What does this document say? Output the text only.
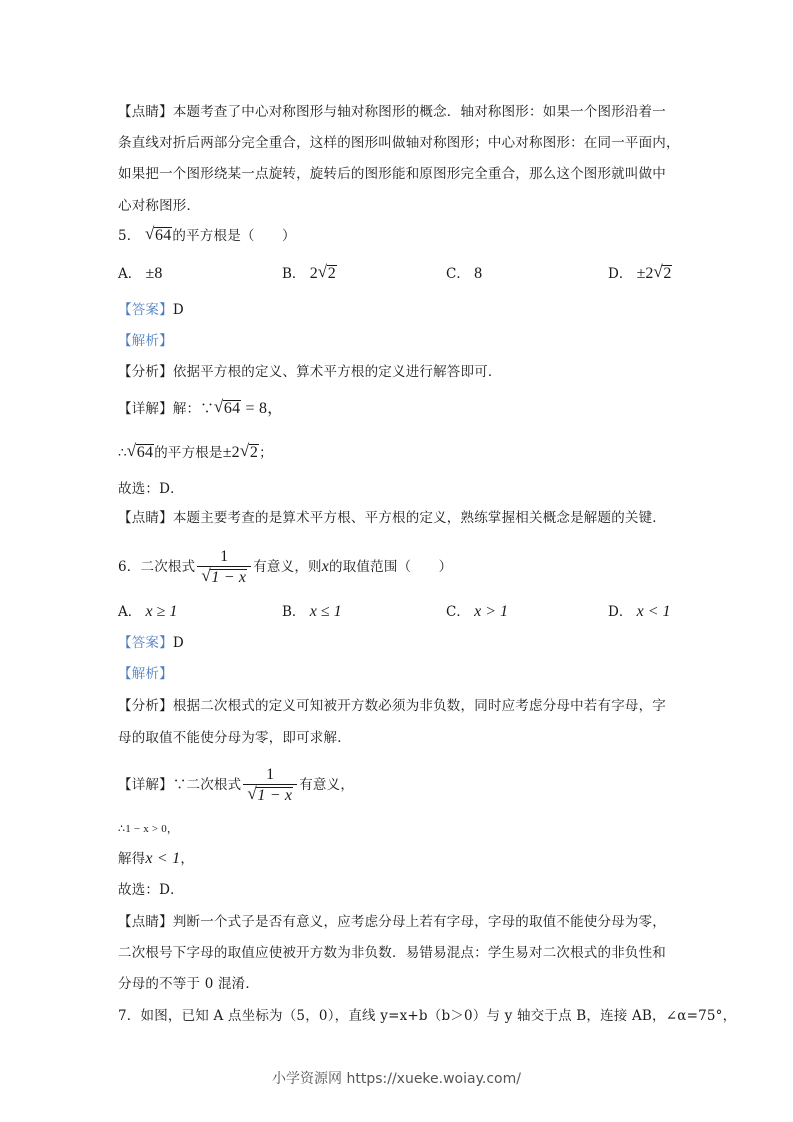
【点睛】本题考查了中心对称图形与轴对称图形的概念．轴对称图形：如果一个图形沿着一
条直线对折后两部分完全重合，这样的图形叫做轴对称图形；中心对称图形：在同一平面内，
如果把一个图形绕某一点旋转，旋转后的图形能和原图形完全重合，那么这个图形就叫做中
心对称图形．
5． √ 64的平方根是（　　）
A． ±8	B． 2 √ 2	C． 8	D． ±2 √ 2
【答案】D
【解析】
【分析】依据平方根的定义、算术平方根的定义进行解答即可．
【详解】解：∵ √ 64 = 8，
∴ √ 64的平方根是±2 √ 2；
故选：D．
【点睛】本题主要考查的是算术平方根、平方根的定义，熟练掌握相关概念是解题的关键．
6．二次根式 $\frac{1}{√ 1 - x}$ 有意义，则x的取值范围（　　）
A． x ≥ 1	B． x ≤ 1	C． x > 1	D． x < 1
【答案】D
【解析】
【分析】根据二次根式的定义可知被开方数必须为非负数，同时应考虑分母中若有字母，字
母的取值不能使分母为零，即可求解．
【详解】∵二次根式 $\frac{1}{√ 1 - x}$ 有意义，
∴1 − x > 0，
解得x < 1，
故选：D．
【点睛】判断一个式子是否有意义，应考虑分母上若有字母，字母的取值不能使分母为零，
二次根号下字母的取值应使被开方数为非负数．易错易混点：学生易对二次根式的非负性和
分母的不等于 0 混淆．
7．如图，已知 A 点坐标为（5，0），直线 y=x+b（b＞0）与 y 轴交于点 B，连接 AB，∠α=75°，
小学资源网 https://xueke.woiay.com/
